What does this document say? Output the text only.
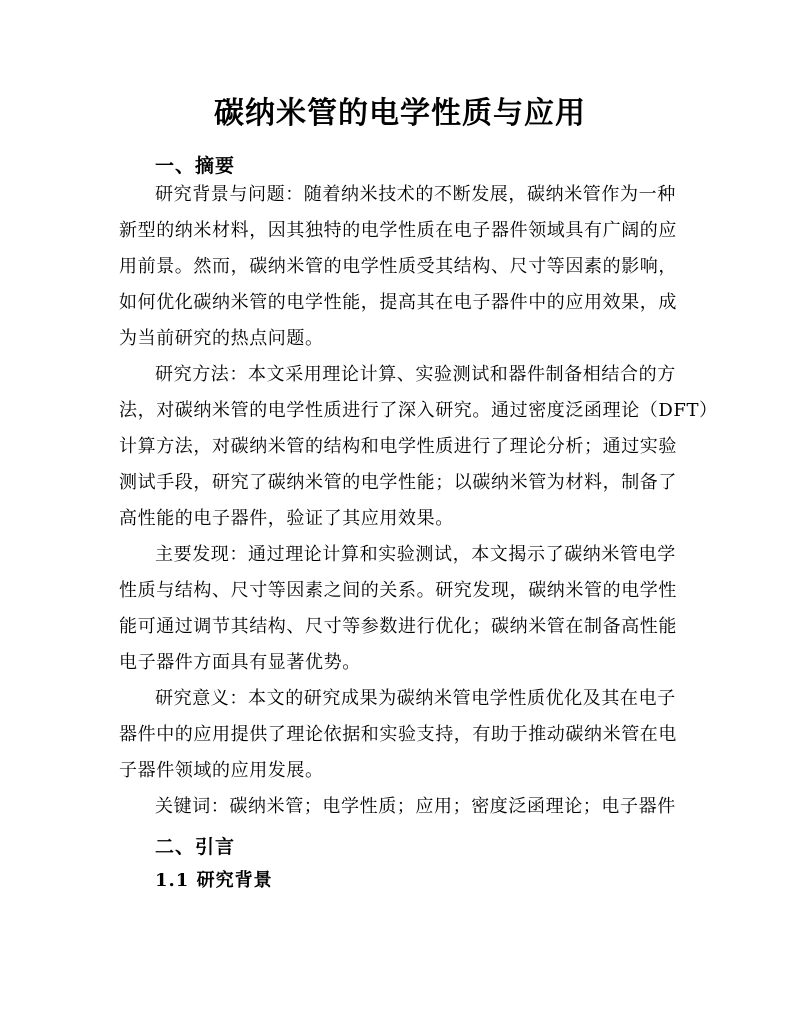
碳纳米管的电学性质与应用
一、摘要

研究背景与问题：随着纳米技术的不断发展，碳纳米管作为一种
新型的纳米材料，因其独特的电学性质在电子器件领域具有广阔的应
用前景。然而，碳纳米管的电学性质受其结构、尺寸等因素的影响，
如何优化碳纳米管的电学性能，提高其在电子器件中的应用效果，成
为当前研究的热点问题。

研究方法：本文采用理论计算、实验测试和器件制备相结合的方
法，对碳纳米管的电学性质进行了深入研究。通过密度泛函理论（DFT）
计算方法，对碳纳米管的结构和电学性质进行了理论分析；通过实验
测试手段，研究了碳纳米管的电学性能；以碳纳米管为材料，制备了
高性能的电子器件，验证了其应用效果。

主要发现：通过理论计算和实验测试，本文揭示了碳纳米管电学
性质与结构、尺寸等因素之间的关系。研究发现，碳纳米管的电学性
能可通过调节其结构、尺寸等参数进行优化；碳纳米管在制备高性能
电子器件方面具有显著优势。

研究意义：本文的研究成果为碳纳米管电学性质优化及其在电子
器件中的应用提供了理论依据和实验支持，有助于推动碳纳米管在电
子器件领域的应用发展。

关键词：碳纳米管；电学性质；应用；密度泛函理论；电子器件

二、引言
1.1 研究背景
